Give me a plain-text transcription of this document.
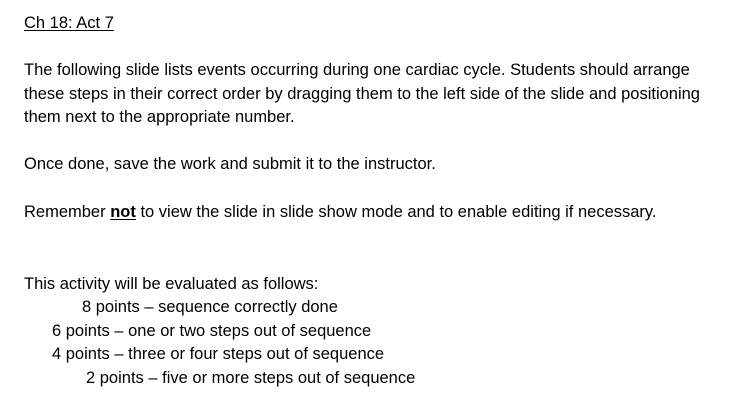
Ch 18: Act 7

The following slide lists events occurring during one cardiac cycle. Students should arrange these steps in their correct order by dragging them to the left side of the slide and positioning them next to the appropriate number.

Once done, save the work and submit it to the instructor.

Remember not to view the slide in slide show mode and to enable editing if necessary.

This activity will be evaluated as follows:
8 points – sequence correctly done
6 points – one or two steps out of sequence
4 points – three or four steps out of sequence
2 points – five or more steps out of sequence
